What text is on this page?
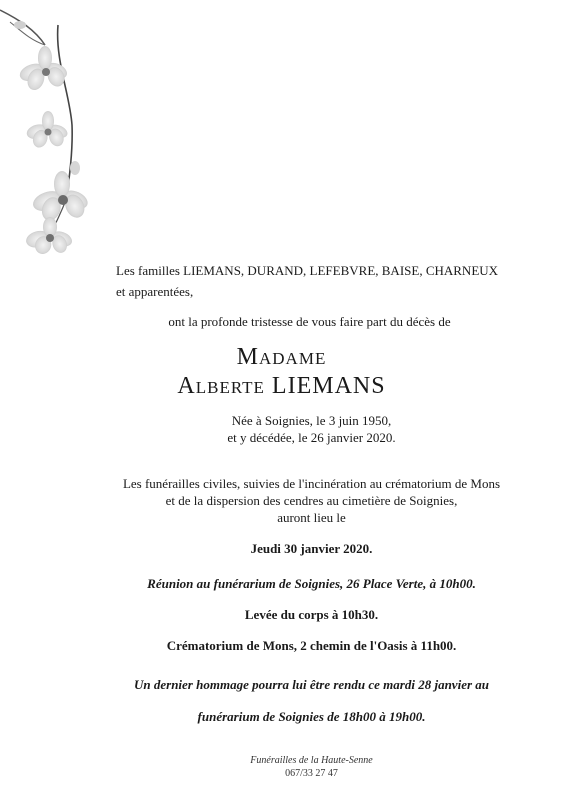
Les familles LIEMANS, DURAND, LEFEBVRE, BAISE, CHARNEUX
et apparentées,
ont la profonde tristesse de vous faire part du décès de
Madame
Alberte LIEMANS
Née à Soignies, le 3 juin 1950,
et y décédée, le 26 janvier 2020.
Les funérailles civiles, suivies de l'incinération au crématorium de Mons
et de la dispersion des cendres au cimetière de Soignies,
auront lieu le
Jeudi 30 janvier 2020.
Réunion au funérarium de Soignies, 26 Place Verte, à 10h00.
Levée du corps à 10h30.
Crématorium de Mons, 2 chemin de l'Oasis à 11h00.
Un dernier hommage pourra lui être rendu ce mardi 28 janvier au
funérarium de Soignies de 18h00 à 19h00.
Funérailles de la Haute-Senne
067/33 27 47
